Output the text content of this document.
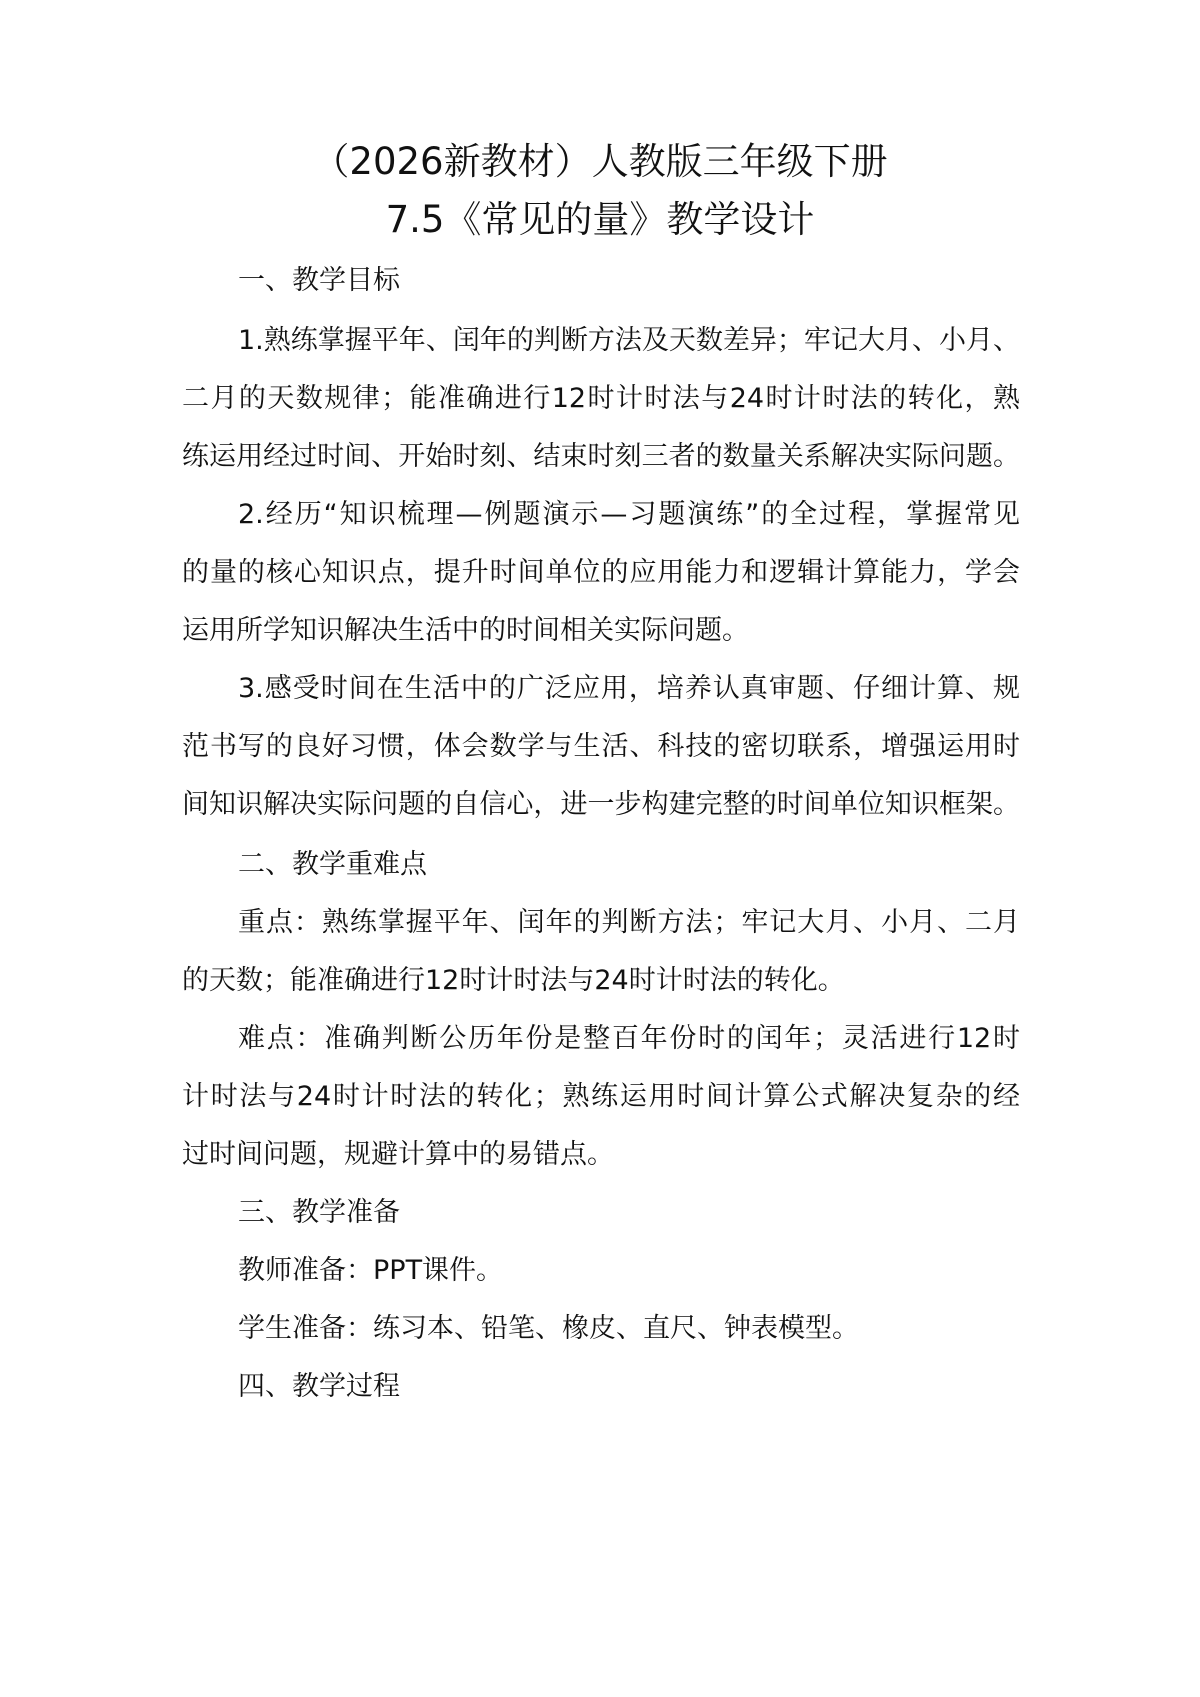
（2026新教材）人教版三年级下册
7.5《常见的量》教学设计
一、教学目标
1.熟练掌握平年、闰年的判断方法及天数差异；牢记大月、小月、
二月的天数规律；能准确进行12时计时法与24时计时法的转化，熟
练运用经过时间、开始时刻、结束时刻三者的数量关系解决实际问题。
2.经历“知识梳理—例题演示—习题演练”的全过程，掌握常见
的量的核心知识点，提升时间单位的应用能力和逻辑计算能力，学会
运用所学知识解决生活中的时间相关实际问题。
3.感受时间在生活中的广泛应用，培养认真审题、仔细计算、规
范书写的良好习惯，体会数学与生活、科技的密切联系，增强运用时
间知识解决实际问题的自信心，进一步构建完整的时间单位知识框架。
二、教学重难点
重点：熟练掌握平年、闰年的判断方法；牢记大月、小月、二月
的天数；能准确进行12时计时法与24时计时法的转化。
难点：准确判断公历年份是整百年份时的闰年；灵活进行12时
计时法与24时计时法的转化；熟练运用时间计算公式解决复杂的经
过时间问题，规避计算中的易错点。
三、教学准备
教师准备：PPT课件。
学生准备：练习本、铅笔、橡皮、直尺、钟表模型。
四、教学过程
